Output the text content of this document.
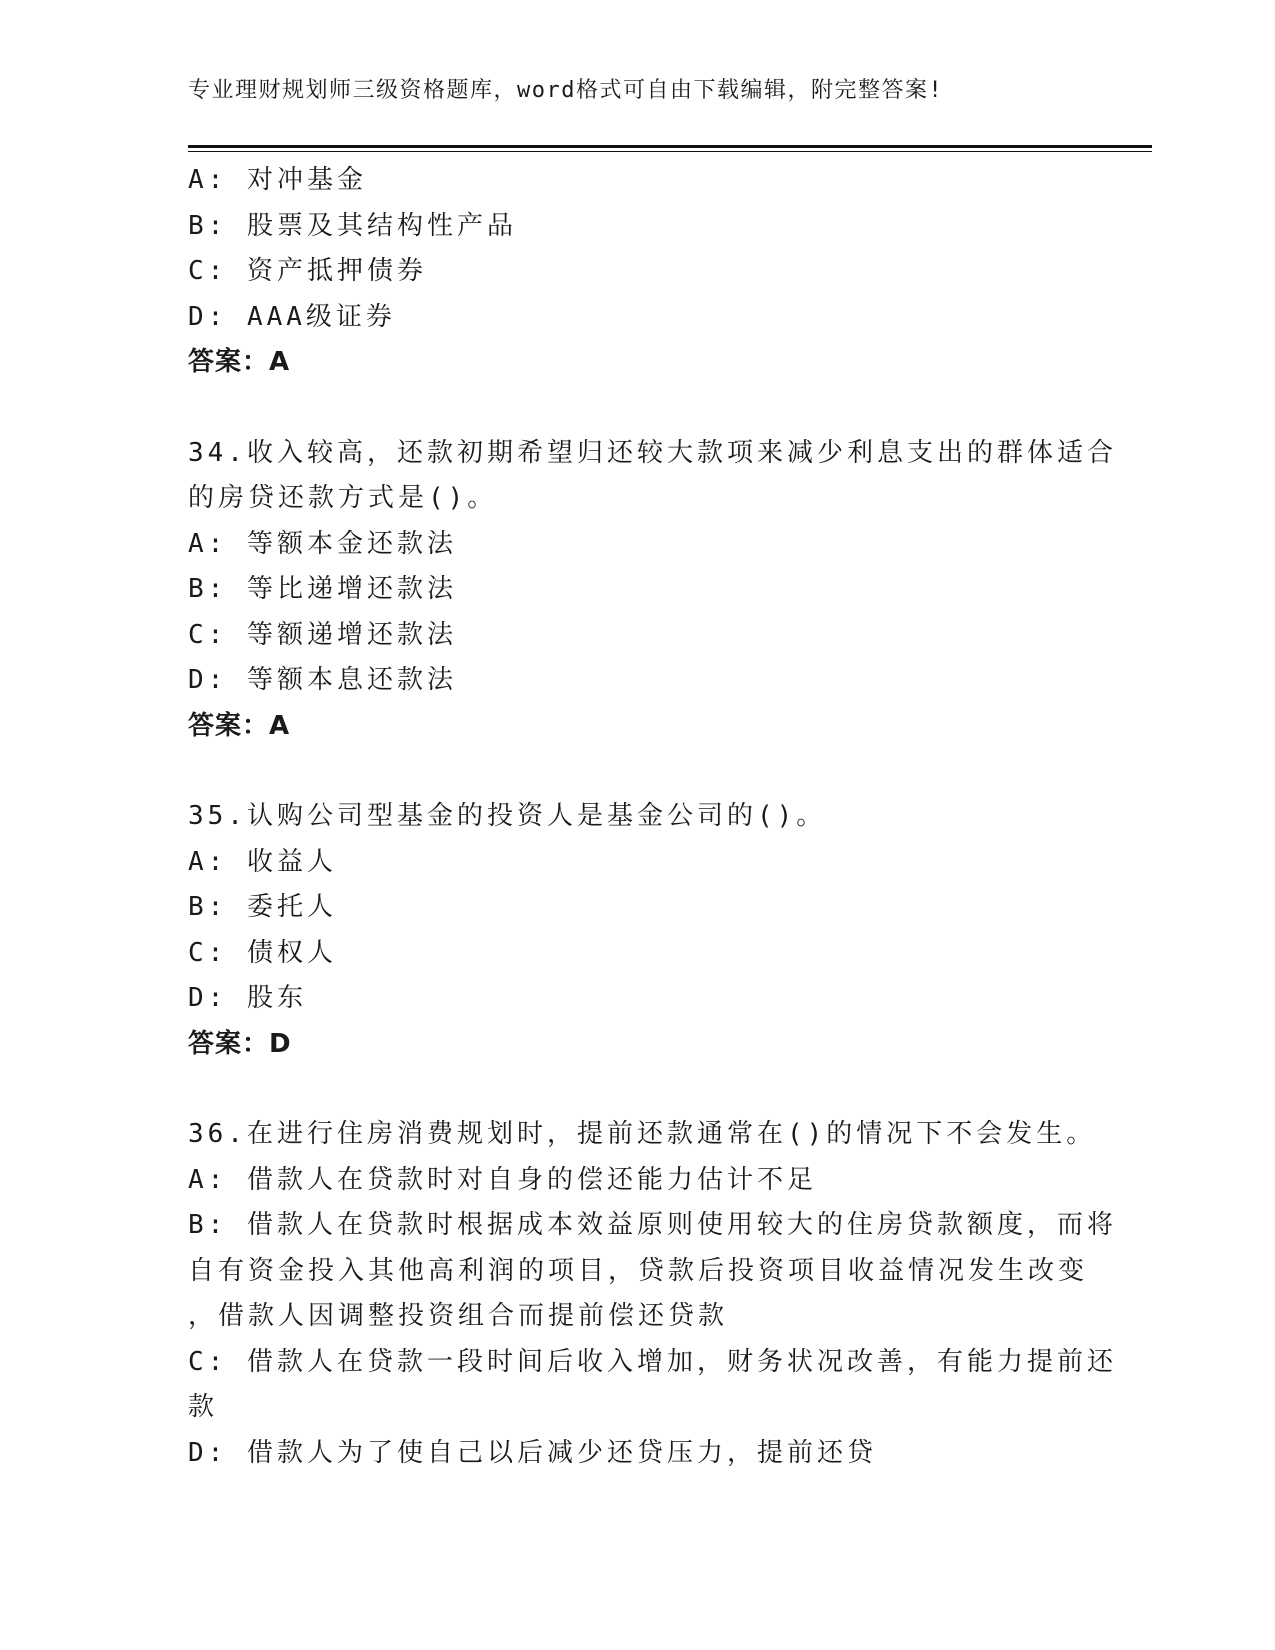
专业理财规划师三级资格题库，word格式可自由下载编辑，附完整答案!
A: 对冲基金
B: 股票及其结构性产品
C: 资产抵押债券
D: AAA级证券
答案：A
34.收入较高，还款初期希望归还较大款项来减少利息支出的群体适合
的房贷还款方式是()。
A: 等额本金还款法
B: 等比递增还款法
C: 等额递增还款法
D: 等额本息还款法
答案：A
35.认购公司型基金的投资人是基金公司的()。
A: 收益人
B: 委托人
C: 债权人
D: 股东
答案：D
36.在进行住房消费规划时，提前还款通常在()的情况下不会发生。
A: 借款人在贷款时对自身的偿还能力估计不足
B: 借款人在贷款时根据成本效益原则使用较大的住房贷款额度，而将
自有资金投入其他高利润的项目，贷款后投资项目收益情况发生改变
，借款人因调整投资组合而提前偿还贷款
C: 借款人在贷款一段时间后收入增加，财务状况改善，有能力提前还
款
D: 借款人为了使自己以后减少还贷压力，提前还贷
